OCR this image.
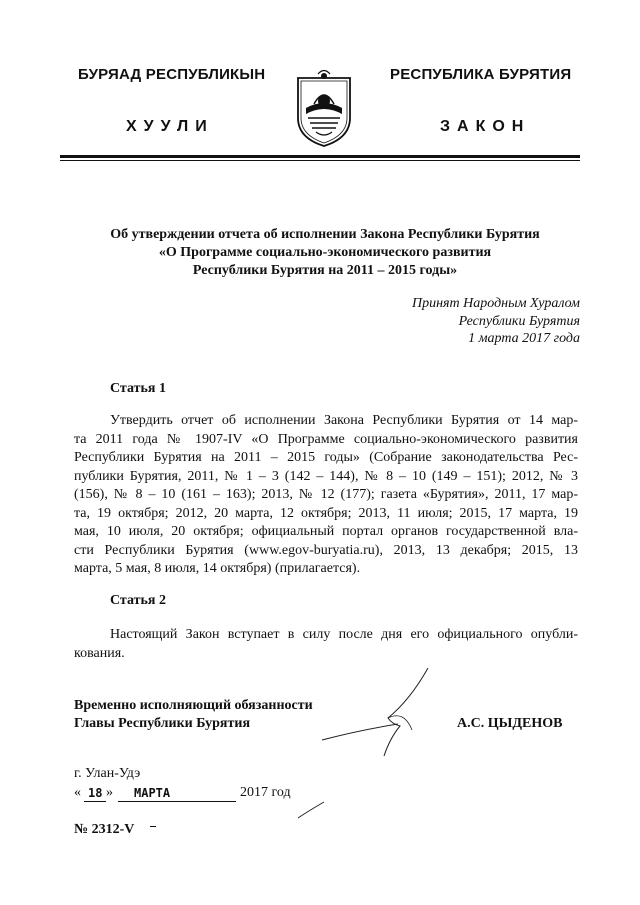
БУРЯАД РЕСПУБЛИКЫН
ХУУЛИ
РЕСПУБЛИКА БУРЯТИЯ
ЗАКОН
Об утверждении отчета об исполнении Закона Республики Бурятия
«О Программе социально-экономического развития
Республики Бурятия на 2011 – 2015 годы»
Принят Народным Хуралом
Республики Бурятия
1 марта 2017 года
Статья 1
Утвердить отчет об исполнении Закона Республики Бурятия от 14 мар-
та 2011 года № 1907-IV «О Программе социально-экономического развития
Республики Бурятия на 2011 – 2015 годы» (Собрание законодательства Рес-
публики Бурятия, 2011, № 1 – 3 (142 – 144), № 8 – 10 (149 – 151); 2012, № 3
(156), № 8 – 10 (161 – 163); 2013, № 12 (177); газета «Бурятия», 2011, 17 мар-
та, 19 октября; 2012, 20 марта, 12 октября; 2013, 11 июля; 2015, 17 марта, 19
мая, 10 июля, 20 октября; официальный портал органов государственной вла-
сти Республики Бурятия (www.egov-buryatia.ru), 2013, 13 декабря; 2015, 13
марта, 5 мая, 8 июля, 14 октября) (прилагается).
Статья 2
Настоящий Закон вступает в силу после дня его официального опубли-
кования.
Временно исполняющий обязанности
Главы Республики Бурятия	А.С. ЦЫДЕНОВ
г. Улан-Удэ
« 18 » МАРТА	2017 год
№ 2312-V
